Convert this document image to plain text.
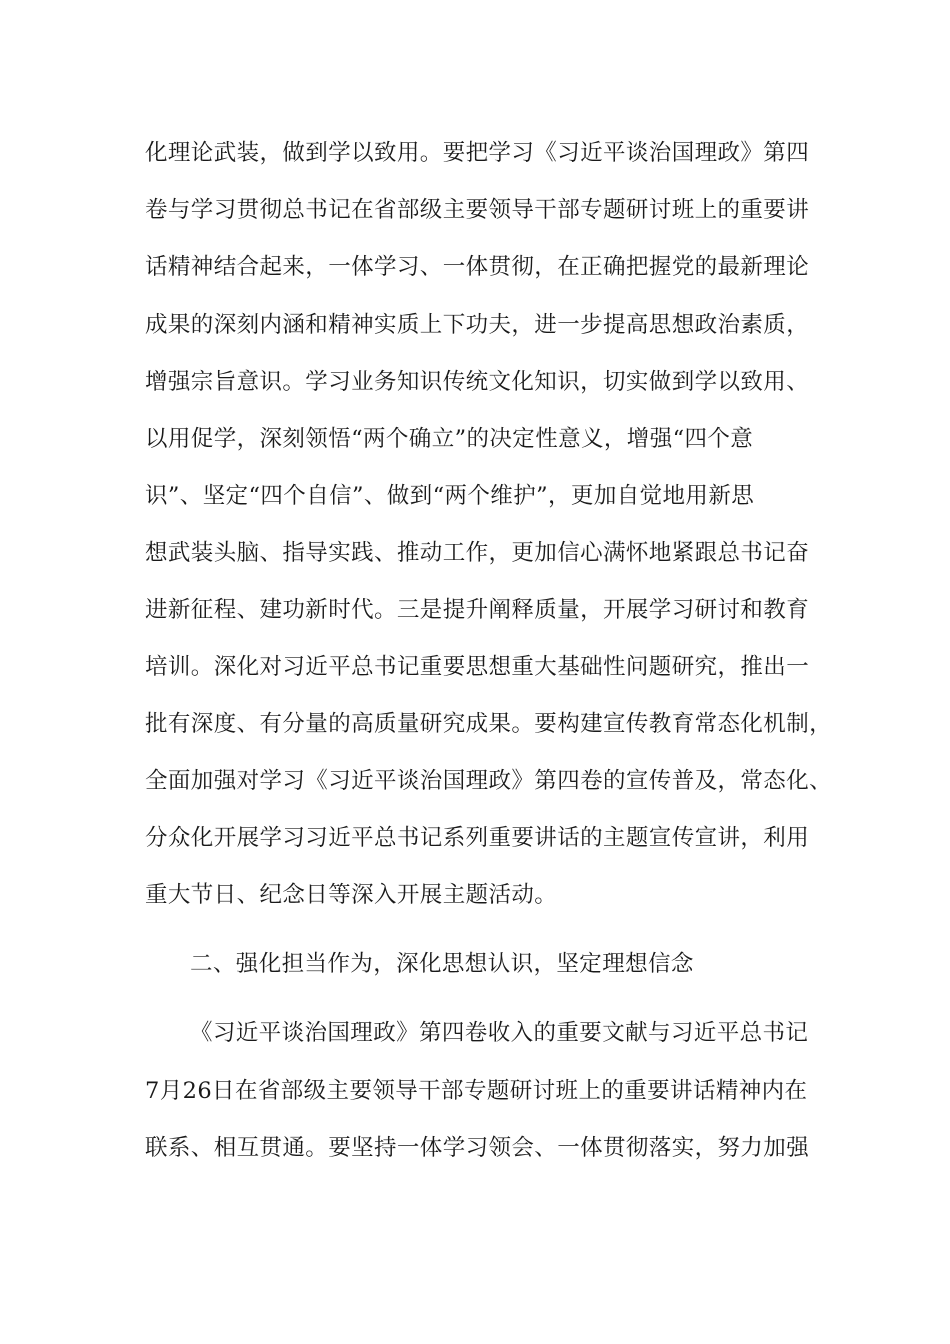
化理论武装，做到学以致用。要把学习《习近平谈治国理政》第四
卷与学习贯彻总书记在省部级主要领导干部专题研讨班上的重要讲
话精神结合起来，一体学习、一体贯彻，在正确把握党的最新理论
成果的深刻内涵和精神实质上下功夫，进一步提高思想政治素质，
增强宗旨意识。学习业务知识传统文化知识，切实做到学以致用、
以用促学，深刻领悟“两个确立”的决定性意义，增强“四个意
识”、坚定“四个自信”、做到“两个维护”，更加自觉地用新思
想武装头脑、指导实践、推动工作，更加信心满怀地紧跟总书记奋
进新征程、建功新时代。三是提升阐释质量，开展学习研讨和教育
培训。深化对习近平总书记重要思想重大基础性问题研究，推出一
批有深度、有分量的高质量研究成果。要构建宣传教育常态化机制，
全面加强对学习《习近平谈治国理政》第四卷的宣传普及，常态化、
分众化开展学习习近平总书记系列重要讲话的主题宣传宣讲，利用
重大节日、纪念日等深入开展主题活动。
二、强化担当作为，深化思想认识，坚定理想信念
《习近平谈治国理政》第四卷收入的重要文献与习近平总书记
7月26日在省部级主要领导干部专题研讨班上的重要讲话精神内在
联系、相互贯通。要坚持一体学习领会、一体贯彻落实，努力加强
